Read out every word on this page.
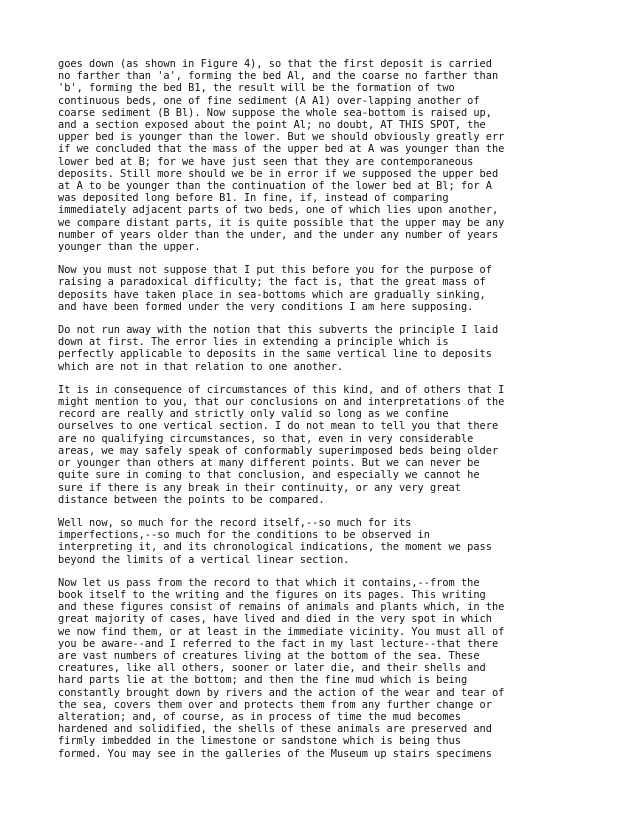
goes down (as shown in Figure 4), so that the first deposit is carried
no farther than 'a', forming the bed Al, and the coarse no farther than
'b', forming the bed B1, the result will be the formation of two
continuous beds, one of fine sediment (A A1) over-lapping another of
coarse sediment (B Bl). Now suppose the whole sea-bottom is raised up,
and a section exposed about the point Al; no doubt, AT THIS SPOT, the
upper bed is younger than the lower. But we should obviously greatly err
if we concluded that the mass of the upper bed at A was younger than the
lower bed at B; for we have just seen that they are contemporaneous
deposits. Still more should we be in error if we supposed the upper bed
at A to be younger than the continuation of the lower bed at Bl; for A
was deposited long before B1. In fine, if, instead of comparing
immediately adjacent parts of two beds, one of which lies upon another,
we compare distant parts, it is quite possible that the upper may be any
number of years older than the under, and the under any number of years
younger than the upper.
Now you must not suppose that I put this before you for the purpose of
raising a paradoxical difficulty; the fact is, that the great mass of
deposits have taken place in sea-bottoms which are gradually sinking,
and have been formed under the very conditions I am here supposing.
Do not run away with the notion that this subverts the principle I laid
down at first. The error lies in extending a principle which is
perfectly applicable to deposits in the same vertical line to deposits
which are not in that relation to one another.
It is in consequence of circumstances of this kind, and of others that I
might mention to you, that our conclusions on and interpretations of the
record are really and strictly only valid so long as we confine
ourselves to one vertical section. I do not mean to tell you that there
are no qualifying circumstances, so that, even in very considerable
areas, we may safely speak of conformably superimposed beds being older
or younger than others at many different points. But we can never be
quite sure in coming to that conclusion, and especially we cannot he
sure if there is any break in their continuity, or any very great
distance between the points to be compared.
Well now, so much for the record itself,--so much for its
imperfections,--so much for the conditions to be observed in
interpreting it, and its chronological indications, the moment we pass
beyond the limits of a vertical linear section.
Now let us pass from the record to that which it contains,--from the
book itself to the writing and the figures on its pages. This writing
and these figures consist of remains of animals and plants which, in the
great majority of cases, have lived and died in the very spot in which
we now find them, or at least in the immediate vicinity. You must all of
you be aware--and I referred to the fact in my last lecture--that there
are vast numbers of creatures living at the bottom of the sea. These
creatures, like all others, sooner or later die, and their shells and
hard parts lie at the bottom; and then the fine mud which is being
constantly brought down by rivers and the action of the wear and tear of
the sea, covers them over and protects them from any further change or
alteration; and, of course, as in process of time the mud becomes
hardened and solidified, the shells of these animals are preserved and
firmly imbedded in the limestone or sandstone which is being thus
formed. You may see in the galleries of the Museum up stairs specimens
